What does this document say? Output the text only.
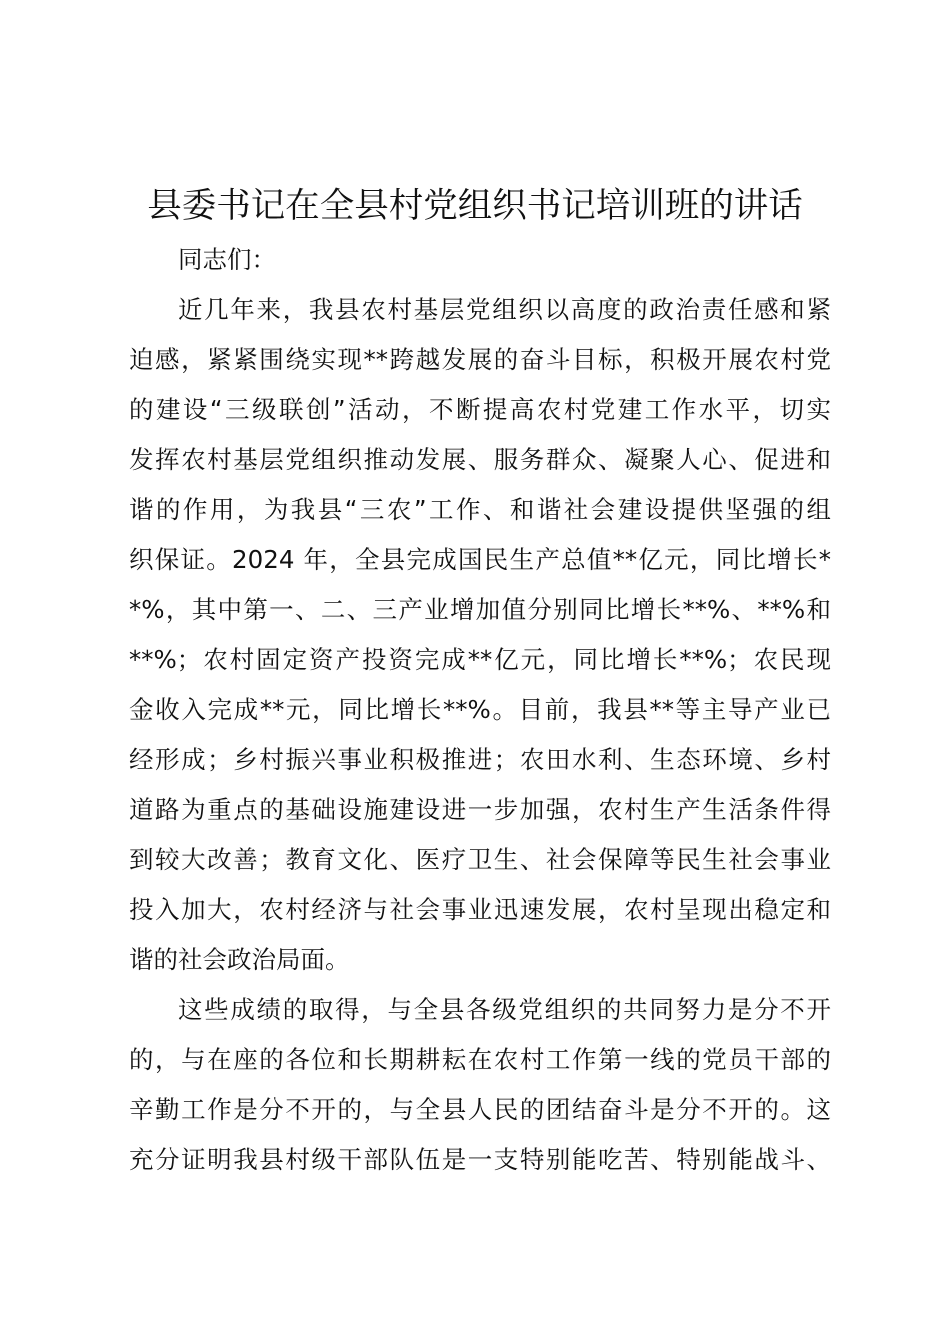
县委书记在全县村党组织书记培训班的讲话
同志们：
近几年来，我县农村基层党组织以高度的政治责任感和紧
迫感，紧紧围绕实现**跨越发展的奋斗目标，积极开展农村党
的建设“三级联创”活动，不断提高农村党建工作水平，切实
发挥农村基层党组织推动发展、服务群众、凝聚人心、促进和
谐的作用，为我县“三农”工作、和谐社会建设提供坚强的组
织保证。2024 年，全县完成国民生产总值**亿元，同比增长*
*%，其中第一、二、三产业增加值分别同比增长**%、**%和
**%；农村固定资产投资完成**亿元，同比增长**%；农民现
金收入完成**元，同比增长**%。目前，我县**等主导产业已
经形成；乡村振兴事业积极推进；农田水利、生态环境、乡村
道路为重点的基础设施建设进一步加强，农村生产生活条件得
到较大改善；教育文化、医疗卫生、社会保障等民生社会事业
投入加大，农村经济与社会事业迅速发展，农村呈现出稳定和
谐的社会政治局面。
这些成绩的取得，与全县各级党组织的共同努力是分不开
的，与在座的各位和长期耕耘在农村工作第一线的党员干部的
辛勤工作是分不开的，与全县人民的团结奋斗是分不开的。这
充分证明我县村级干部队伍是一支特别能吃苦、特别能战斗、
